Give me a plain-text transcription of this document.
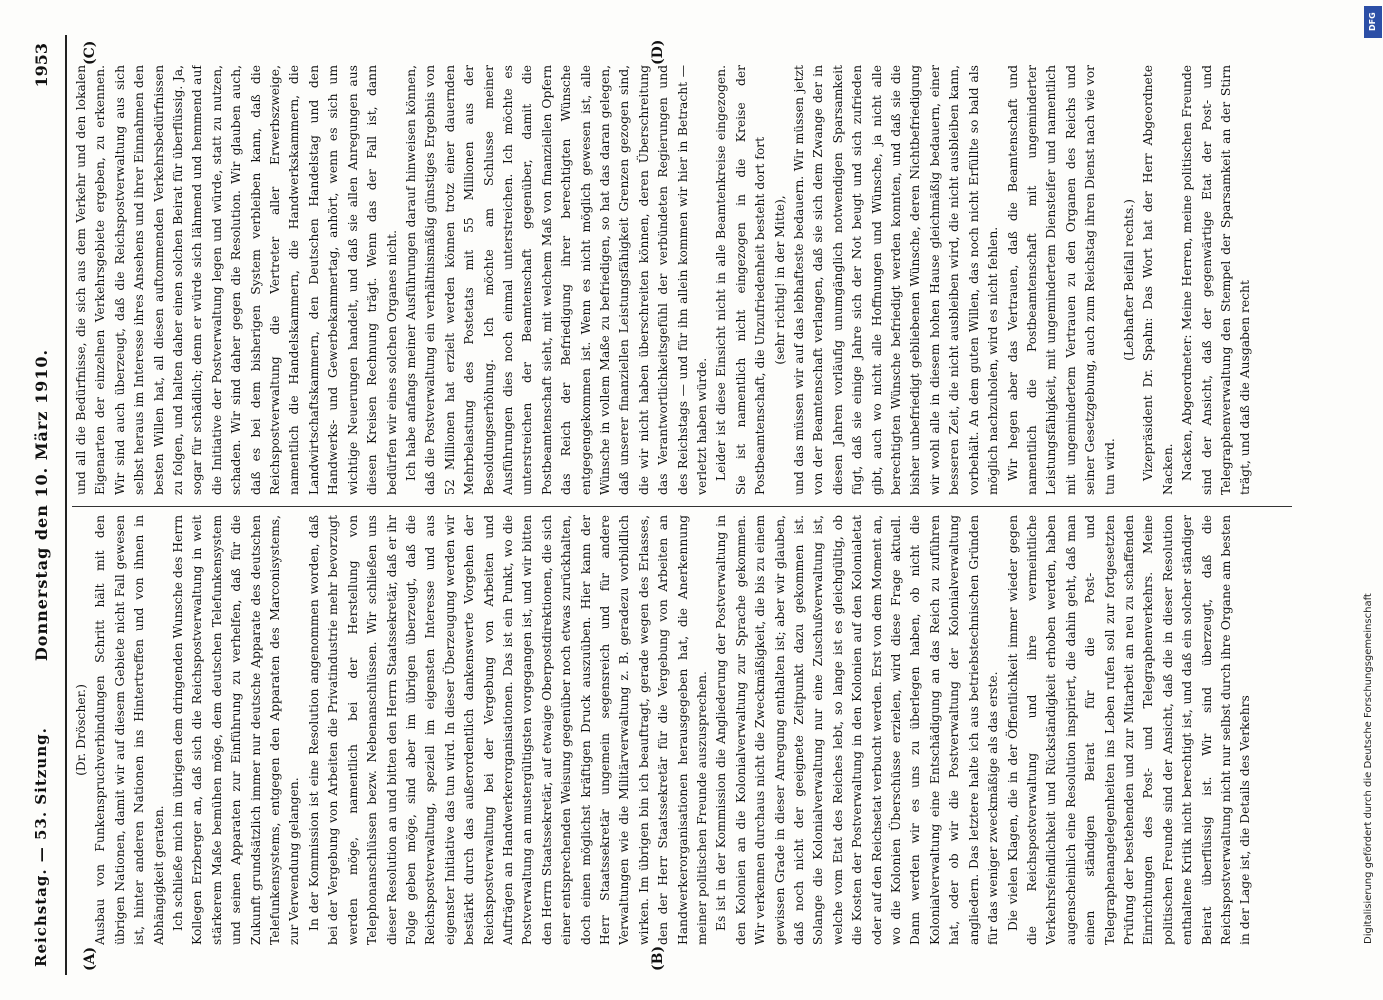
Reichstag. — 53. Sitzung.
Donnerstag den 10. März 1910.
1953
(A)	(B)
(C)	(D)

(Dr. Dröscher.) Ausbau von Funkenspruchverbindungen Schritt hält mit den übrigen Nationen, damit wir auf diesem Gebiete nicht Fall gewesen ist, hinter anderen Nationen ins Hintertreffen und von ihnen in Abhängigkeit geraten. Ich schließe mich im übrigen dem dringenden Wunsche des Herrn Kollegen Erzberger an, daß sich die Reichspostverwaltung in weit stärkerem Maße bemühen möge, dem deutschen Telefunkensystem und seinen Apparaten zur Einführung zu verhelfen, daß für die Zukunft grundsätzlich immer nur deutsche Apparate des deutschen Telefunkensystems, entgegen den Apparaten des Marconisystems, zur Verwendung gelangen. In der Kommission ist eine Resolution angenommen worden, daß bei der Vergebung von Arbeiten die Privatindustrie mehr bevorzugt werden möge, namentlich bei der Herstellung von Telephonanschlüssen bezw. Nebenanschlüssen. Wir schließen uns dieser Resolution an und bitten den Herrn Staatssekretär, daß er ihr Folge geben möge, sind aber im übrigen überzeugt, daß die Reichspostverwaltung, speziell im eigensten Interesse und aus eigenster Initiative das tun wird. In dieser Überzeugung werden wir bestärkt durch das außerordentlich dankenswerte Vorgehen der Reichspostverwaltung bei der Vergebung von Arbeiten und Aufträgen an Handwerkerorganisationen. Das ist ein Punkt, wo die Postverwaltung an mustergültigsten vorgegangen ist, und wir bitten den Herrn Staatssekretär, auf etwaige Oberpostdirektionen, die sich einer entsprechenden Weisung gegenüber noch etwas zurückhalten, doch einen möglichst kräftigen Druck auszuüben. Hier kann der Herr Staatssekretär ungemein segensreich und für andere Verwaltungen wie die Militärverwaltung z. B. geradezu vorbildlich wirken. Im übrigen bin ich beauftragt, gerade wegen des Erlasses, den der Herr Staatssekretär für die Vergebung von Arbeiten an Handwerkerorganisationen herausgegeben hat, die Anerkennung meiner politischen Freunde auszusprechen. Es ist in der Kommission die Angliederung der Postverwaltung in den Kolonien an die Kolonialverwaltung zur Sprache gekommen. Wir verkennen durchaus nicht die Zweckmäßigkeit, die bis zu einem gewissen Grade in dieser Anregung enthalten ist; aber wir glauben, daß noch nicht der geeignete Zeitpunkt dazu gekommen ist. Solange die Kolonialverwaltung nur eine Zuschußverwaltung ist, welche vom Etat des Reiches lebt, so lange ist es gleichgültig, ob die Kosten der Postverwaltung in den Kolonien auf den Kolonialetat oder auf den Reichsetat verbucht werden. Erst von dem Moment an, wo die Kolonien Überschüsse erzielen, wird diese Frage aktuell. Dann werden wir es uns zu überlegen haben, ob nicht die Kolonialverwaltung eine Entschädigung an das Reich zu zuführen hat, oder ob wir die Postverwaltung der Kolonialverwaltung angliedern. Das letztere halte ich aus betriebstechnischen Gründen für das weniger zweckmäßige als das erste. Die vielen Klagen, die in der Öffentlichkeit immer wieder gegen die Reichspostverwaltung und ihre vermeintliche Verkehrsfeindlichkeit und Rückständigkeit erhoben werden, haben augenscheinlich eine Resolution inspiriert, die dahin geht, daß man einen ständigen Beirat für die Post- und Telegraphenangelegenheiten ins Leben rufen soll zur fortgesetzten Prüfung der bestehenden und zur Mitarbeit an neu zu schaffenden Einrichtungen des Post- und Telegraphenverkehrs. Meine politischen Freunde sind der Ansicht, daß die in dieser Resolution enthaltene Kritik nicht berechtigt ist, und daß ein solcher ständiger Beirat überflüssig ist. Wir sind überzeugt, daß die Reichspostverwaltung nicht nur selbst durch ihre Organe am besten in der Lage ist, die Details des Verkehrs

und all die Bedürfnisse, die sich aus dem Verkehr und den lokalen Eigenarten der einzelnen Verkehrsgebiete ergeben, zu erkennen. Wir sind auch überzeugt, daß die Reichspostverwaltung aus sich selbst heraus im Interesse ihres Ansehens und ihrer Einnahmen den besten Willen hat, all diesen auftommenden Verkehrsbedürfnissen zu folgen, und halten daher einen solchen Beirat für überflüssig. Ja, sogar für schädlich; denn er würde sich lähmend und hemmend auf die Initiative der Postverwaltung legen und würde, statt zu nutzen, schaden. Wir sind daher gegen die Resolution. Wir glauben auch, daß es bei dem bisherigen System verbleiben kann, daß die Reichspostverwaltung die Vertreter aller Erwerbszweige, namentlich die Handelskammern, die Handwerkskammern, die Landwirtschaftskammern, den Deutschen Handelstag und den Handwerks- und Gewerbekammertag, anhört, wenn es sich um wichtige Neuerungen handelt, und daß sie allen Anregungen aus diesen Kreisen Rechnung trägt. Wenn das der Fall ist, dann bedürfen wir eines solchen Organes nicht. Ich habe anfangs meiner Ausführungen darauf hinweisen können, daß die Postverwaltung ein verhältnismäßig günstiges Ergebnis von 52 Millionen hat erzielt werden können trotz einer dauernden Mehrbelastung des Postetats mit 55 Millionen aus der Besoldungserhöhung. Ich möchte am Schlusse meiner Ausführungen dies noch einmal unterstreichen. Ich möchte es unterstreichen der Beamtenschaft gegenüber, damit die Postbeamtenschaft sieht, mit welchem Maß von finanziellen Opfern das Reich der Befriedigung ihrer berechtigten Wünsche entgegengekommen ist. Wenn es nicht möglich gewesen ist, alle Wünsche in vollem Maße zu befriedigen, so hat das daran gelegen, daß unserer finanziellen Leistungsfähigkeit Grenzen gezogen sind, die wir nicht haben überschreiten können, deren Überschreitung das Verantwortlichkeitsgefühl der verbündeten Regierungen und des Reichstags — und für ihn allein kommen wir hier in Betracht — verletzt haben würde. Leider ist diese Einsicht nicht in alle Beamtenkreise eingezogen. Sie ist namentlich nicht eingezogen in die Kreise der Postbeamtenschaft, die Unzufriedenheit besteht dort fort (sehr richtig! in der Mitte), und das müssen wir auf das lebhafteste bedauern. Wir müssen jetzt von der Beamtenschaft verlangen, daß sie sich dem Zwange der in diesen Jahren vorläufig unumgänglich notwendigen Sparsamkeit fügt, daß sie einige Jahre sich der Not beugt und sich zufrieden gibt, auch wo nicht alle Hoffnungen und Wünsche, ja nicht alle berechtigten Wünsche befriedigt werden konnten, und daß sie die bisher unbefriedigt gebliebenen Wünsche, deren Nichtbefriedigung wir wohl alle in diesem hohen Hause gleichmäßig bedauern, einer besseren Zeit, die nicht ausbleiben wird, die nicht ausbleiben kann, vorbehält. An dem guten Willen, das noch nicht Erfüllte so bald als möglich nachzuholen, wird es nicht fehlen. Wir hegen aber das Vertrauen, daß die Beamtenschaft und namentlich die Postbeamtenschaft mit ungeminderter Leistungsfähigkeit, mit ungemindertem Diensteifer und namentlich mit ungemindertem Vertrauen zu den Organen des Reichs und seiner Gesetzgebung, auch zum Reichstag ihren Dienst nach wie vor tun wird.

(Lebhafter Beifall rechts.) Vizepräsident Dr. Spahn: Das Wort hat der Herr Abgeordnete Nacken. Nacken, Abgeordneter: Meine Herren, meine politischen Freunde sind der Ansicht, daß der gegenwärtige Etat der Post- und Telegraphenverwaltung den Stempel der Sparsamkeit an der Stirn trägt, und daß die Ausgaben recht

DFG
Digitalisierung gefördert durch die Deutsche Forschungsgemeinschaft
